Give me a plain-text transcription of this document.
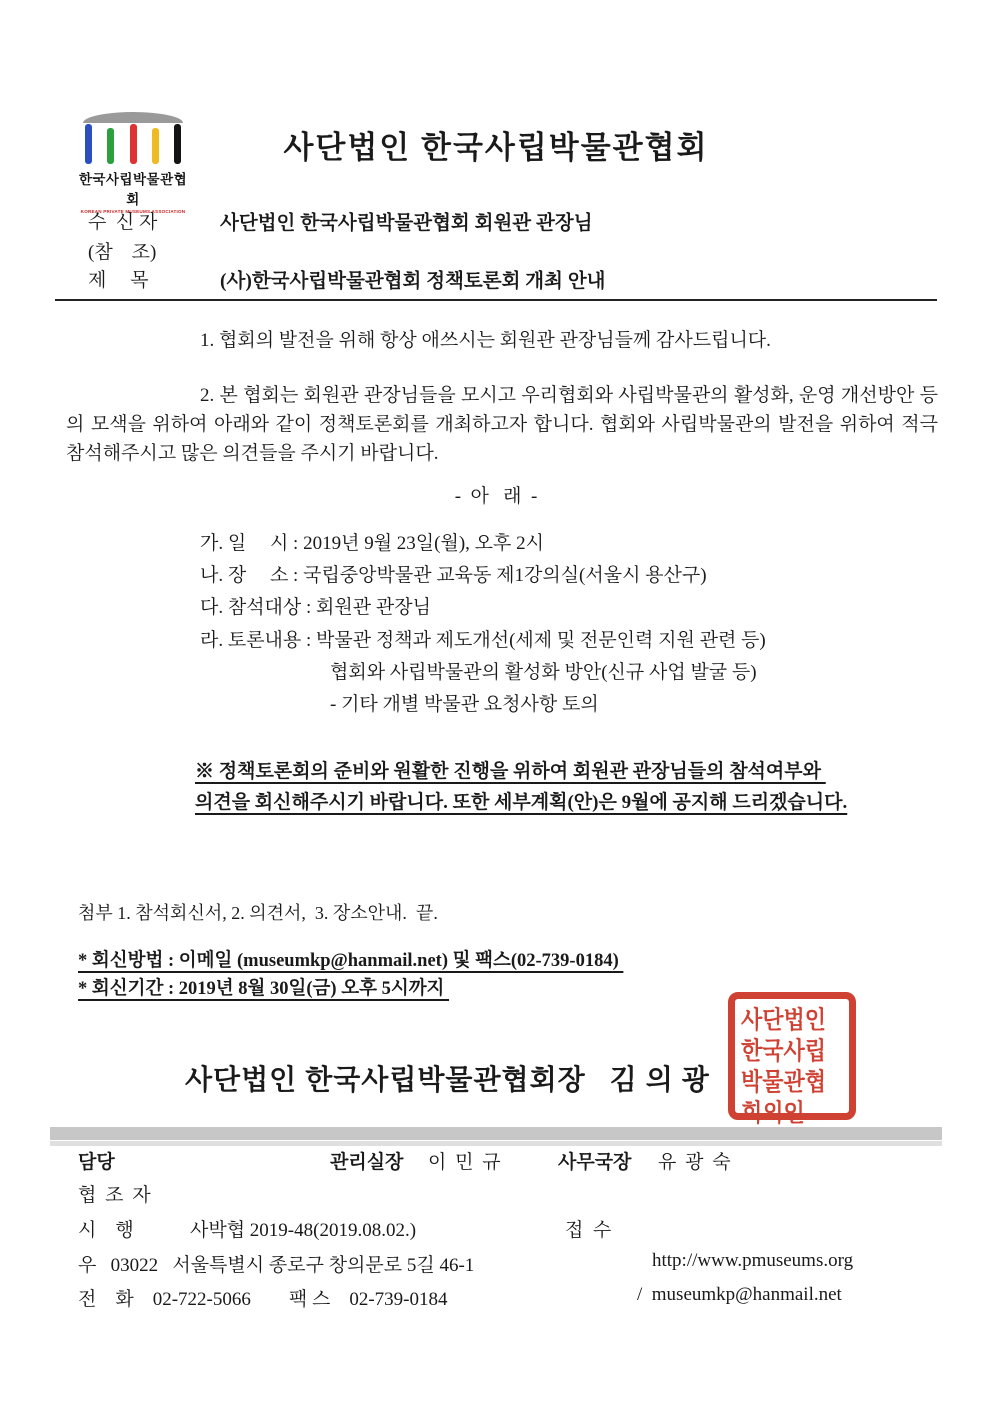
한국사립박물관협회
KOREAN PRIVATE MUSEUMS ASSOCIATION
사단법인 한국사립박물관협회
수  신 자	사단법인 한국사립박물관협회 회원관 관장님
(참    조)
제     목	(사)한국사립박물관협회 정책토론회 개최 안내
1. 협회의 발전을 위해 항상 애쓰시는 회원관 관장님들께 감사드립니다.
2. 본 협회는 회원관 관장님들을 모시고 우리협회와 사립박물관의 활성화, 운영 개선방안 등의 모색을 위하여 아래와 같이 정책토론회를 개최하고자 합니다. 협회와 사립박물관의 발전을 위하여 적극 참석해주시고 많은 의견들을 주시기 바랍니다.
-  아   래  -
가. 일     시 : 2019년 9월 23일(월), 오후 2시
나. 장     소 : 국립중앙박물관 교육동 제1강의실(서울시 용산구)
다. 참석대상 : 회원관 관장님
라. 토론내용 : 박물관 정책과 제도개선(세제 및 전문인력 지원 관련 등)
협회와 사립박물관의 활성화 방안(신규 사업 발굴 등)
- 기타 개별 박물관 요청사항 토의
※ 정책토론회의 준비와 원활한 진행을 위하여 회원관 관장님들의 참석여부와
의견을 회신해주시기 바랍니다. 또한 세부계획(안)은 9월에 공지해 드리겠습니다.
첨부 1. 참석회신서, 2. 의견서,  3. 장소안내.  끝.
* 회신방법 : 이메일 (museumkp@hanmail.net) 및 팩스(02-739-0184)
* 회신기간 : 2019년 8월 30일(금) 오후 5시까지
사단법인 한국사립박물관협회장   김 의 광
사단법인
한국사립
박물관협
회의인
담당	관리실장 이 민 규	사무국장 유 광 숙
협 조 자
시    행	사박협 2019-48(2019.08.02.)	접  수
우   03022   서울특별시 종로구 창의문로 5길 46-1	http://www.pmuseums.org
전    화    02-722-5066        팩 스    02-739-0184	/  museumkp@hanmail.net
